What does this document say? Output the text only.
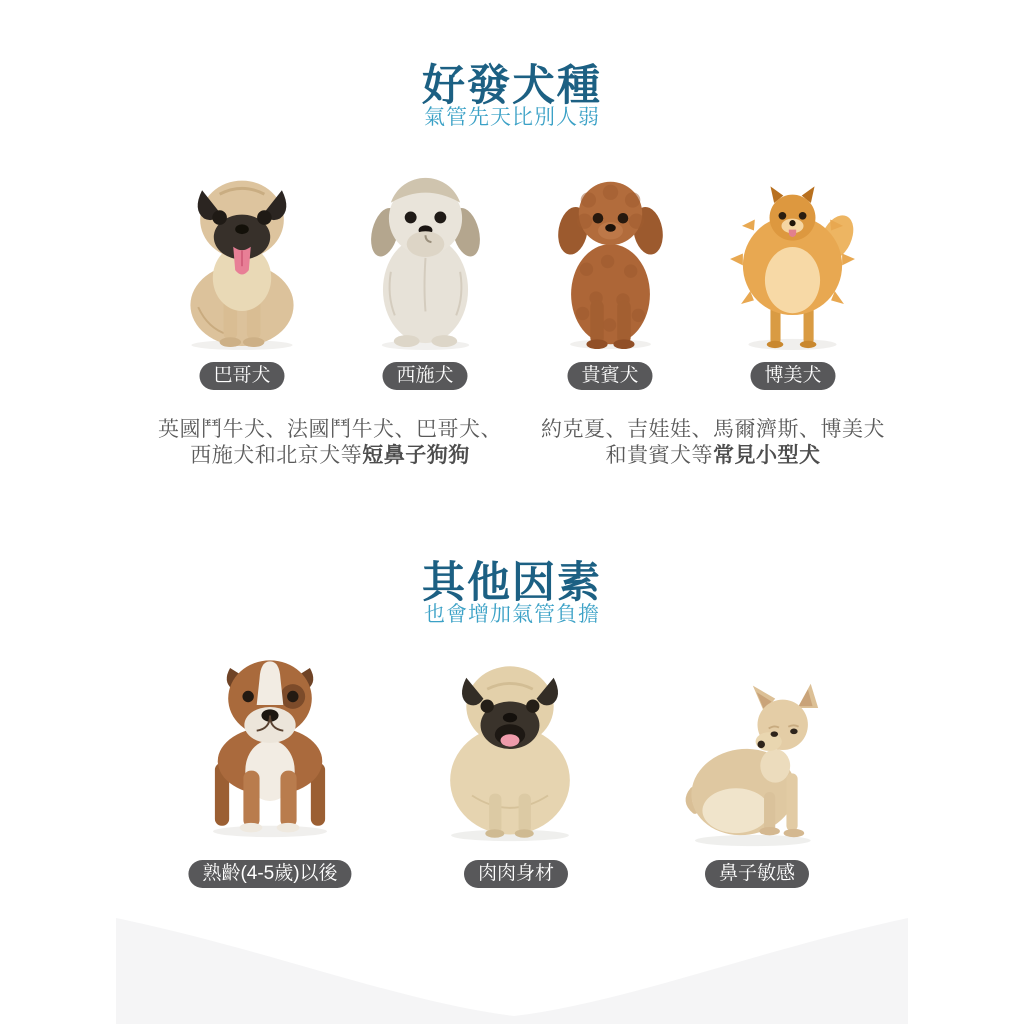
好發犬種
氣管先天比別人弱
巴哥犬	西施犬	貴賓犬	博美犬
英國鬥牛犬、法國鬥牛犬、巴哥犬、
西施犬和北京犬等短鼻子狗狗
約克夏、吉娃娃、馬爾濟斯、博美犬
和貴賓犬等常見小型犬
其他因素
也會增加氣管負擔
熟齡(4-5歲)以後	肉肉身材	鼻子敏感
